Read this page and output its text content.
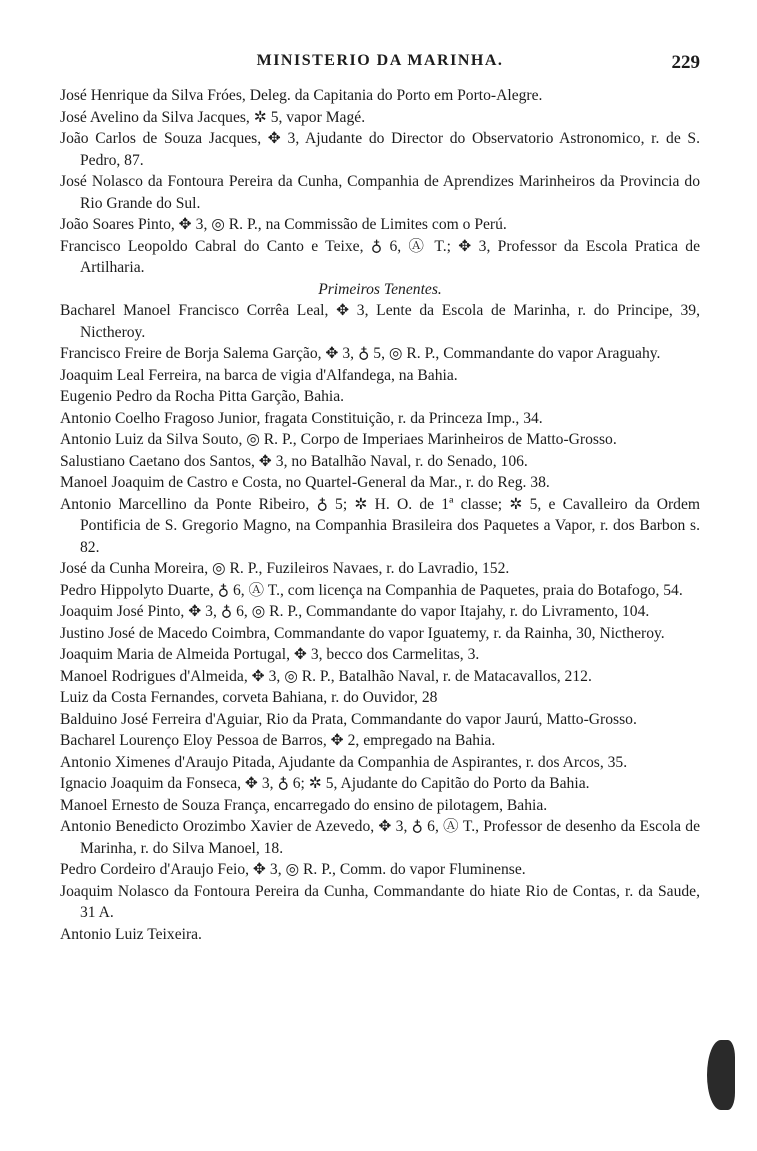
MINISTERIO DA MARINHA.	229

José Henrique da Silva Fróes, Deleg. da Capitania do Porto em Porto-Alegre.

José Avelino da Silva Jacques, ✲ 5, vapor Magé.

João Carlos de Souza Jacques, ✥ 3, Ajudante do Director do Observatorio Astronomico, r. de S. Pedro, 87.

José Nolasco da Fontoura Pereira da Cunha, Companhia de Aprendizes Marinheiros da Provincia do Rio Grande do Sul.

João Soares Pinto, ✥ 3, ◎ R. P., na Commissão de Limites com o Perú.

Francisco Leopoldo Cabral do Canto e Teixe, ♁ 6, Ⓐ T.; ✥ 3, Professor da Escola Pratica de Artilharia.

Primeiros Tenentes.

Bacharel Manoel Francisco Corrêa Leal, ✥ 3, Lente da Escola de Marinha, r. do Principe, 39, Nictheroy.

Francisco Freire de Borja Salema Garção, ✥ 3, ♁ 5, ◎ R. P., Commandante do vapor Araguahy.

Joaquim Leal Ferreira, na barca de vigia d'Alfandega, na Bahia.

Eugenio Pedro da Rocha Pitta Garção, Bahia.

Antonio Coelho Fragoso Junior, fragata Constituição, r. da Princeza Imp., 34.

Antonio Luiz da Silva Souto, ◎ R. P., Corpo de Imperiaes Marinheiros de Matto-Grosso.

Salustiano Caetano dos Santos, ✥ 3, no Batalhão Naval, r. do Senado, 106.

Manoel Joaquim de Castro e Costa, no Quartel-General da Mar., r. do Reg. 38.

Antonio Marcellino da Ponte Ribeiro, ♁ 5; ✲ H. O. de 1ª classe; ✲ 5, e Cavalleiro da Ordem Pontificia de S. Gregorio Magno, na Companhia Brasileira dos Paquetes a Vapor, r. dos Barbon s. 82.

José da Cunha Moreira, ◎ R. P., Fuzileiros Navaes, r. do Lavradio, 152.

Pedro Hippolyto Duarte, ♁ 6, Ⓐ T., com licença na Companhia de Paquetes, praia do Botafogo, 54.

Joaquim José Pinto, ✥ 3, ♁ 6, ◎ R. P., Commandante do vapor Itajahy, r. do Livramento, 104.

Justino José de Macedo Coimbra, Commandante do vapor Iguatemy, r. da Rainha, 30, Nictheroy.

Joaquim Maria de Almeida Portugal, ✥ 3, becco dos Carmelitas, 3.

Manoel Rodrigues d'Almeida, ✥ 3, ◎ R. P., Batalhão Naval, r. de Matacavallos, 212.

Luiz da Costa Fernandes, corveta Bahiana, r. do Ouvidor, 28

Balduino José Ferreira d'Aguiar, Rio da Prata, Commandante do vapor Jaurú, Matto-Grosso.

Bacharel Lourenço Eloy Pessoa de Barros, ✥ 2, empregado na Bahia.

Antonio Ximenes d'Araujo Pitada, Ajudante da Companhia de Aspirantes, r. dos Arcos, 35.

Ignacio Joaquim da Fonseca, ✥ 3, ♁ 6; ✲ 5, Ajudante do Capitão do Porto da Bahia.

Manoel Ernesto de Souza França, encarregado do ensino de pilotagem, Bahia.

Antonio Benedicto Orozimbo Xavier de Azevedo, ✥ 3, ♁ 6, Ⓐ T., Professor de desenho da Escola de Marinha, r. do Silva Manoel, 18.

Pedro Cordeiro d'Araujo Feio, ✥ 3, ◎ R. P., Comm. do vapor Fluminense.

Joaquim Nolasco da Fontoura Pereira da Cunha, Commandante do hiate Rio de Contas, r. da Saude, 31 A.

Antonio Luiz Teixeira.
